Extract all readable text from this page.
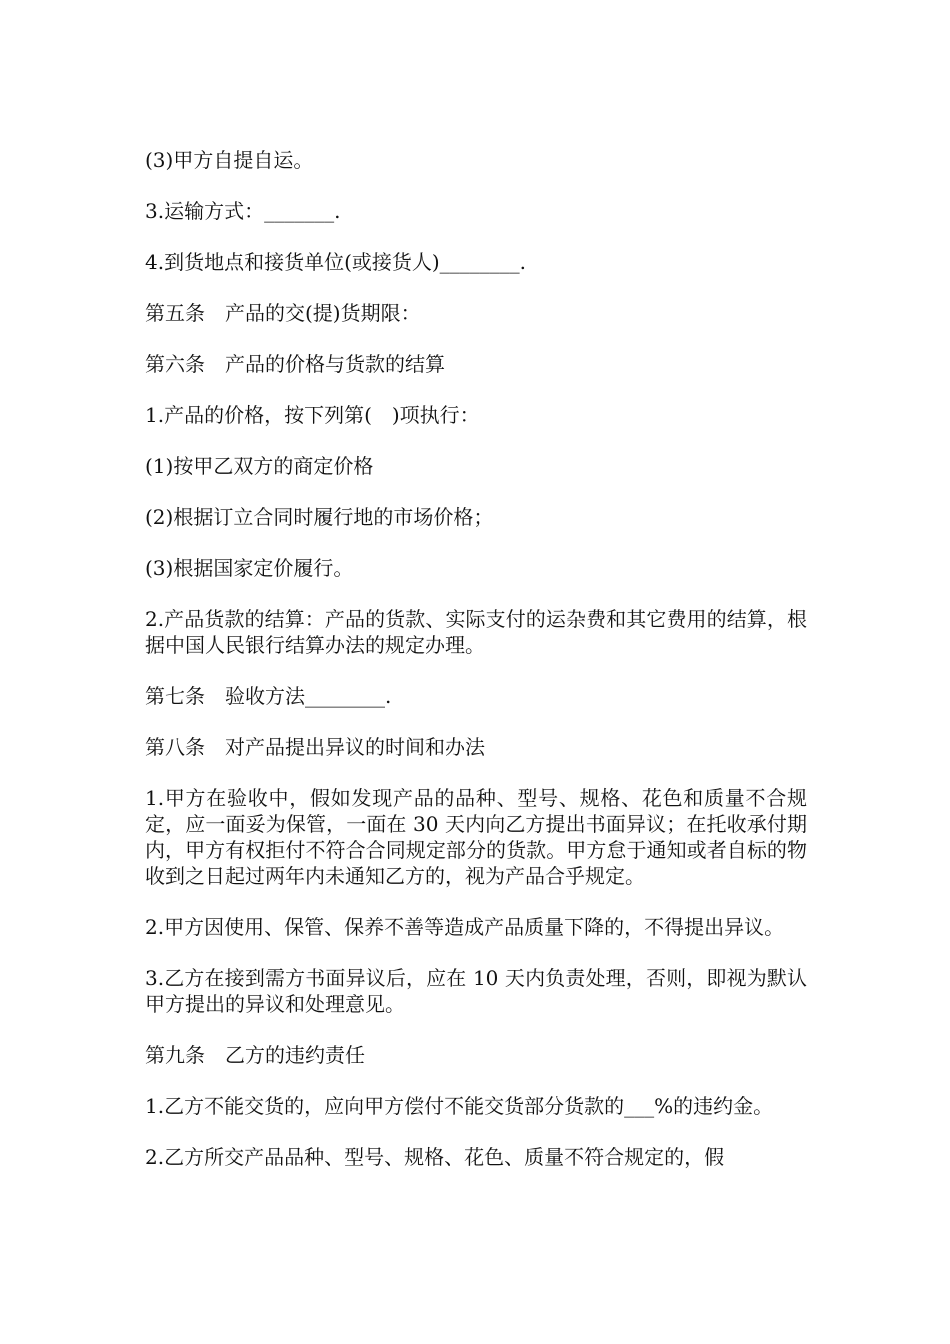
(3)甲方自提自运。

3.运输方式：_______.

4.到货地点和接货单位(或接货人)________.

第五条　产品的交(提)货期限：

第六条　产品的价格与货款的结算

1.产品的价格，按下列第(　)项执行：

(1)按甲乙双方的商定价格

(2)根据订立合同时履行地的市场价格；

(3)根据国家定价履行。

2.产品货款的结算：产品的货款、实际支付的运杂费和其它费用的结算，根据中国人民银行结算办法的规定办理。

第七条　验收方法________.

第八条　对产品提出异议的时间和办法

1.甲方在验收中，假如发现产品的品种、型号、规格、花色和质量不合规定，应一面妥为保管，一面在 30 天内向乙方提出书面异议；在托收承付期内，甲方有权拒付不符合合同规定部分的货款。甲方怠于通知或者自标的物收到之日起过两年内未通知乙方的，视为产品合乎规定。

2.甲方因使用、保管、保养不善等造成产品质量下降的，不得提出异议。

3.乙方在接到需方书面异议后，应在 10 天内负责处理，否则，即视为默认甲方提出的异议和处理意见。

第九条　乙方的违约责任

1.乙方不能交货的，应向甲方偿付不能交货部分货款的___%的违约金。

2.乙方所交产品品种、型号、规格、花色、质量不符合规定的，假
